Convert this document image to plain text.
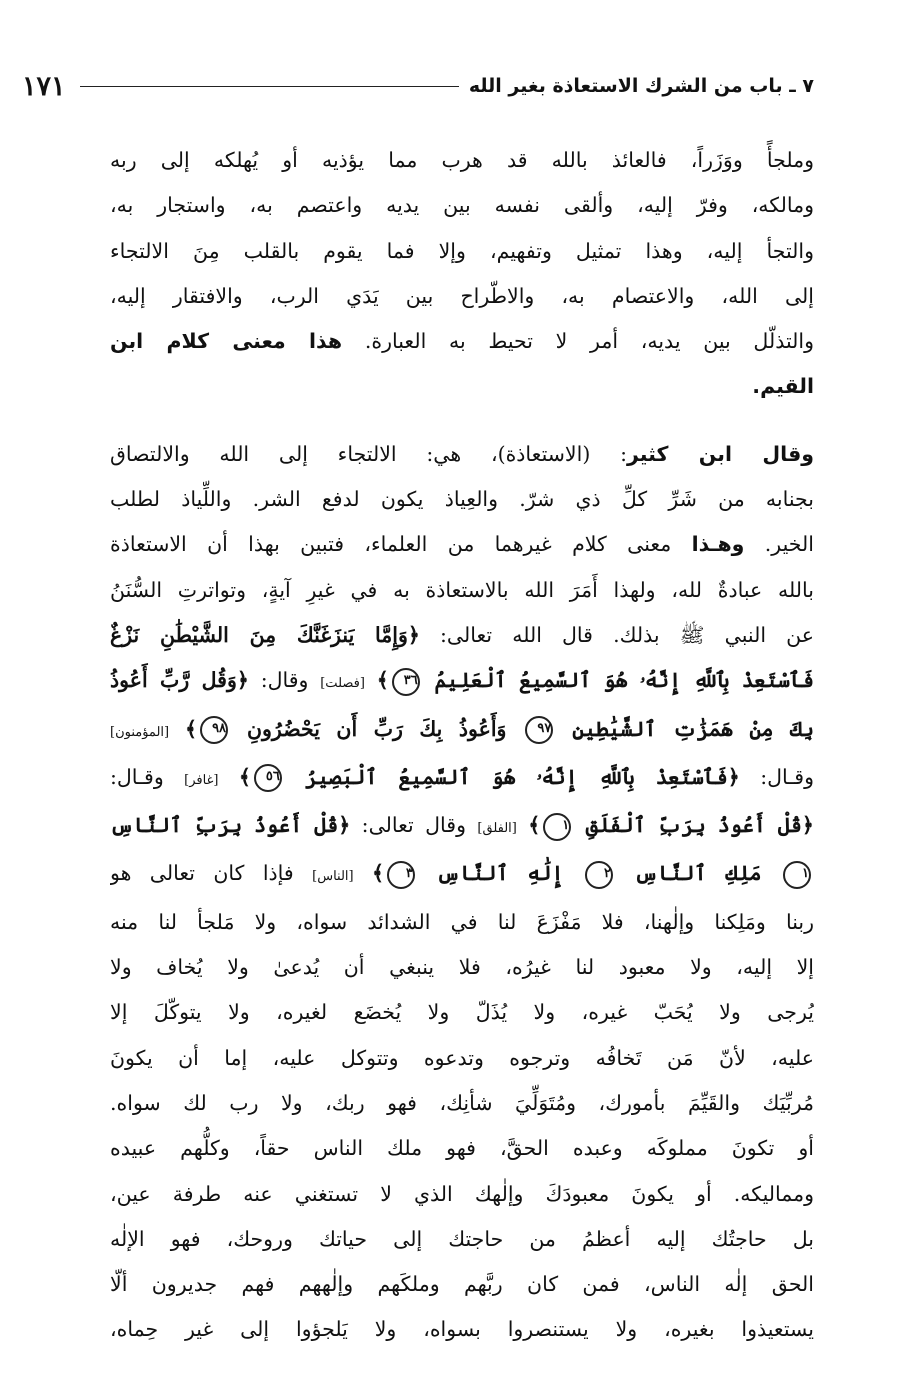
٧ ـ باب من الشرك الاستعاذة بغير الله
١٧١

وملجأً ووَزَراً، فالعائذ بالله قد هرب مما يؤذيه أو يُهلكه إلى ربه
ومالكه، وفرّ إليه، وألقى نفسه بين يديه واعتصم به، واستجار به،
والتجأ إليه، وهذا تمثيل وتفهيم، وإلا فما يقوم بالقلب مِنَ الالتجاء
إلى الله، والاعتصام به، والاطّراح بين يَدَي الرب، والافتقار إليه،
والتذلّل بين يديه، أمر لا تحيط به العبارة. هذا معنى كلام ابن
القيم.

وقال ابن كثير: (الاستعاذة)، هي: الالتجاء إلى الله والالتصاق
بجنابه من شَرِّ كلِّ ذي شرّ. والعِياذ يكون لدفع الشر. واللِّياذ لطلب
الخير. وهـذا معنى كلام غيرهما من العلماء، فتبين بهذا أن الاستعاذة
بالله عبادةٌ لله، ولهذا أَمَرَ الله بالاستعاذة به في غيرِ آيةٍ، وتواترتِ السُّنَنُ
عن النبي ﷺ بذلك. قال الله تعالى: ﴿وَإِمَّا يَنزَغَنَّكَ مِنَ الشَّيْطَٰنِ نَزْغٌ
فَٱسْتَعِذْ بِٱللَّهِ إِنَّهُۥ هُوَ ٱلسَّمِيعُ ٱلْعَلِيمُ ٣٦﴾ [فصلت] وقال: ﴿وَقُل رَّبِّ أَعُوذُ
بِكَ مِنْ هَمَزَٰتِ ٱلشَّيَٰطِينِ ٩٧ وَأَعُوذُ بِكَ رَبِّ أَن يَحْضُرُونِ ٩٨﴾ [المؤمنون]
وقـال: ﴿فَٱسْتَعِذْ بِٱللَّهِ إِنَّهُۥ هُوَ ٱلسَّمِيعُ ٱلْبَصِيرُ ٥٦﴾ [غافر] وقـال:
﴿قُلْ أَعُوذُ بِرَبِّ ٱلْفَلَقِ ١﴾ [الفلق] وقال تعالى: ﴿قُلْ أَعُوذُ بِرَبِّ ٱلنَّاسِ
١ مَلِكِ ٱلنَّاسِ ٢ إِلَٰهِ ٱلنَّاسِ ٣﴾ [الناس] فإذا كان تعالى هو
ربنا ومَلِكنا وإلٰهنا، فلا مَفْزَعَ لنا في الشدائد سواه، ولا مَلجأ لنا منه
إلا إليه، ولا معبود لنا غيرُه، فلا ينبغي أن يُدعىٰ ولا يُخاف ولا
يُرجى ولا يُحَبّ غيره، ولا يُذَلّ ولا يُخضَع لغيره، ولا يتوكّلَ إلا
عليه، لأنّ مَن تَخافُه وترجوه وتدعوه وتتوكل عليه، إما أن يكونَ
مُربِّيَك والقَيِّمَ بأمورك، ومُتَوَلِّيَ شأنِك، فهو ربك، ولا رب لك سواه.
أو تكونَ مملوكَه وعبده الحقَّ، فهو ملك الناس حقاً، وكلُّهم عبيده
ومماليكه. أو يكونَ معبودَكَ وإلٰهك الذي لا تستغني عنه طرفة عين،
بل حاجتُك إليه أعظمُ من حاجتك إلى حياتك وروحك، فهو الإلٰه
الحق إلٰه الناس، فمن كان ربَّهم وملكَهم وإلٰههم فهم جديرون ألّا
يستعيذوا بغيره، ولا يستنصروا بسواه، ولا يَلجؤوا إلى غير حِماه،
